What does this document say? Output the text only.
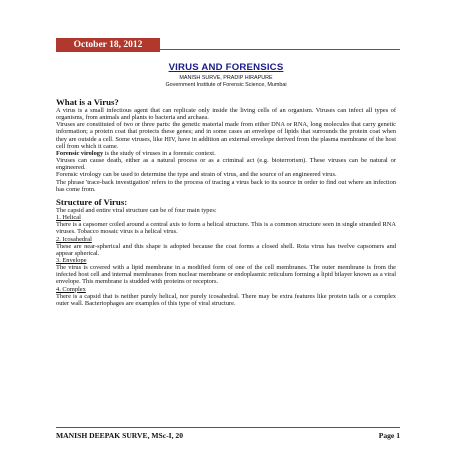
October 18, 2012
VIRUS AND FORENSICS
MANISH SURVE, PRADIP HIRAPURE
Government Institute of Forensic Science, Mumbai

What is a Virus?

A virus is a small infectious agent that can replicate only inside the living cells of an organism. Viruses can infect all types of organisms, from animals and plants to bacteria and archaea.

Viruses are constituted of two or three parts: the genetic material made from either DNA or RNA, long molecules that carry genetic information; a protein coat that protects these genes; and in some cases an envelope of lipids that surrounds the protein coat when they are outside a cell. Some viruses, like HIV, have in addition an external envelope derived from the plasma membrane of the host cell from which it came.

Forensic virology is the study of viruses in a forensic context.

Viruses can cause death, either as a natural process or as a criminal act (e.g. bioterrorism). These viruses can be natural or engineered.

Forensic virology can be used to determine the type and strain of virus, and the source of an engineered virus.

The phrase 'trace-back investigation' refers to the process of tracing a virus back to its source in order to find out where an infection has come from.

Structure of Virus:

The capsid and entire viral structure can be of four main types:

1. Helical

There is a capsomer coiled around a central axis to form a helical structure. This is a common structure seen in single stranded RNA viruses. Tobacco mosaic virus is a helical virus.

2. Icosahedral

These are near-spherical and this shape is adopted because the coat forms a closed shell. Rota virus has twelve capsomers and appear spherical.

3. Envelope

The virus is covered with a lipid membrane in a modified form of one of the cell membranes. The outer membrane is from the infected host cell and internal membranes from nuclear membrane or endoplasmic reticulum forming a lipid bilayer known as a viral envelope. This membrane is studded with proteins or receptors.

4. Complex

There is a capsid that is neither purely helical, nor purely icosahedral. There may be extra features like protein tails or a complex outer wall. Bacteriophages are examples of this type of viral structure.

MANISH DEEPAK SURVE, MSc-I, 20	Page 1
